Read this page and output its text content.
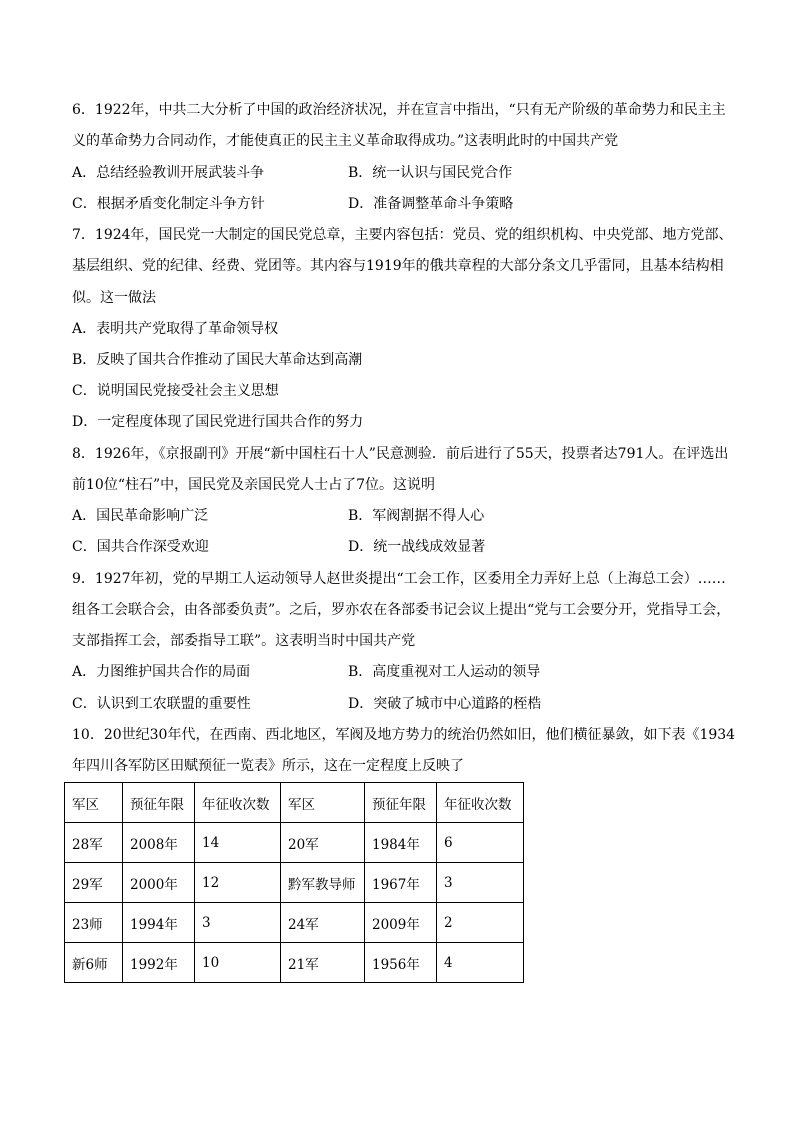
6．1922年，中共二大分析了中国的政治经济状况，并在宣言中指出，“只有无产阶级的革命势力和民主主
义的革命势力合同动作，才能使真正的民主主义革命取得成功。”这表明此时的中国共产党
A．总结经验教训开展武装斗争	B．统一认识与国民党合作
C．根据矛盾变化制定斗争方针	D．准备调整革命斗争策略
7．1924年，国民党一大制定的国民党总章，主要内容包括：党员、党的组织机构、中央党部、地方党部、
基层组织、党的纪律、经费、党团等。其内容与1919年的俄共章程的大部分条文几乎雷同，且基本结构相
似。这一做法
A．表明共产党取得了革命领导权
B．反映了国共合作推动了国民大革命达到高潮
C．说明国民党接受社会主义思想
D．一定程度体现了国民党进行国共合作的努力
8．1926年，《京报副刊》开展“新中国柱石十人”民意测验．前后进行了55天，投票者达791人。在评选出
前10位“柱石”中，国民党及亲国民党人士占了7位。这说明
A．国民革命影响广泛	B．军阀割据不得人心
C．国共合作深受欢迎	D．统一战线成效显著
9．1927年初，党的早期工人运动领导人赵世炎提出“工会工作，区委用全力弄好上总（上海总工会）……
组各工会联合会，由各部委负责”。之后，罗亦农在各部委书记会议上提出“党与工会要分开，党指导工会，
支部指挥工会，部委指导工联”。这表明当时中国共产党
A．力图维护国共合作的局面	B．高度重视对工人运动的领导
C．认识到工农联盟的重要性	D．突破了城市中心道路的桎梏
10．20世纪30年代，在西南、西北地区，军阀及地方势力的统治仍然如旧，他们横征暴敛，如下表《1934
年四川各军防区田赋预征一览表》所示，这在一定程度上反映了
军区	预征年限	年征收次数	军区	预征年限	年征收次数
28军	2008年	14	20军	1984年	6
29军	2000年	12	黔军教导师	1967年	3
23师	1994年	3	24军	2009年	2
新6师	1992年	10	21军	1956年	4
